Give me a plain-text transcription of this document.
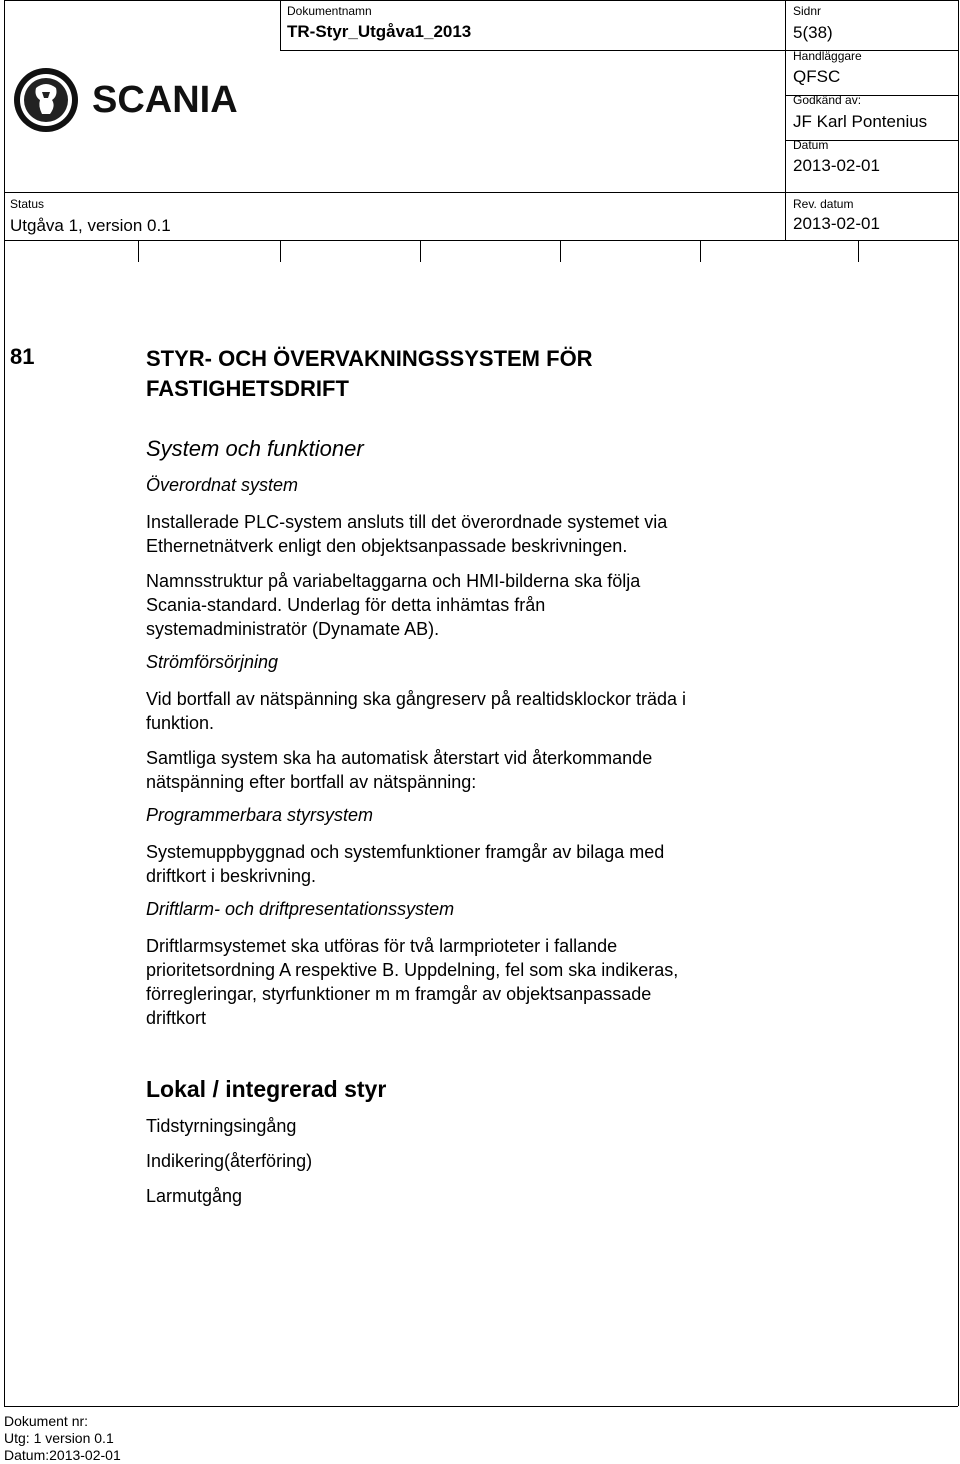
SCANIA
Dokumentnamn
TR-Styr_Utgåva1_2013
Sidnr
5(38)
Handläggare
QFSC
Godkänd av:
JF Karl Pontenius
Datum
2013-02-01
Status
Utgåva 1, version 0.1
Rev. datum
2013-02-01
81	STYR- OCH ÖVERVAKNINGSSYSTEM FÖR
FASTIGHETSDRIFT
System och funktioner
Överordnat system
Installerade PLC-system ansluts till det överordnade systemet via
Ethernetnätverk enligt den objektsanpassade beskrivningen.
Namnsstruktur på variabeltaggarna och HMI-bilderna ska följa
Scania-standard. Underlag för detta inhämtas från
systemadministratör (Dynamate AB).
Strömförsörjning
Vid bortfall av nätspänning ska gångreserv på realtidsklockor träda i
funktion.
Samtliga system ska ha automatisk återstart vid återkommande
nätspänning efter bortfall av nätspänning:
Programmerbara styrsystem
Systemuppbyggnad och systemfunktioner framgår av bilaga med
driftkort i beskrivning.
Driftlarm- och driftpresentationssystem
Driftlarmsystemet ska utföras för två larmprioteter i fallande
prioritetsordning A respektive B. Uppdelning, fel som ska indikeras,
förregleringar, styrfunktioner m m framgår av objektsanpassade
driftkort
Lokal / integrerad styr
Tidstyrningsingång
Indikering(återföring)
Larmutgång
Dokument nr:
Utg: 1 version 0.1
Datum:2013-02-01
